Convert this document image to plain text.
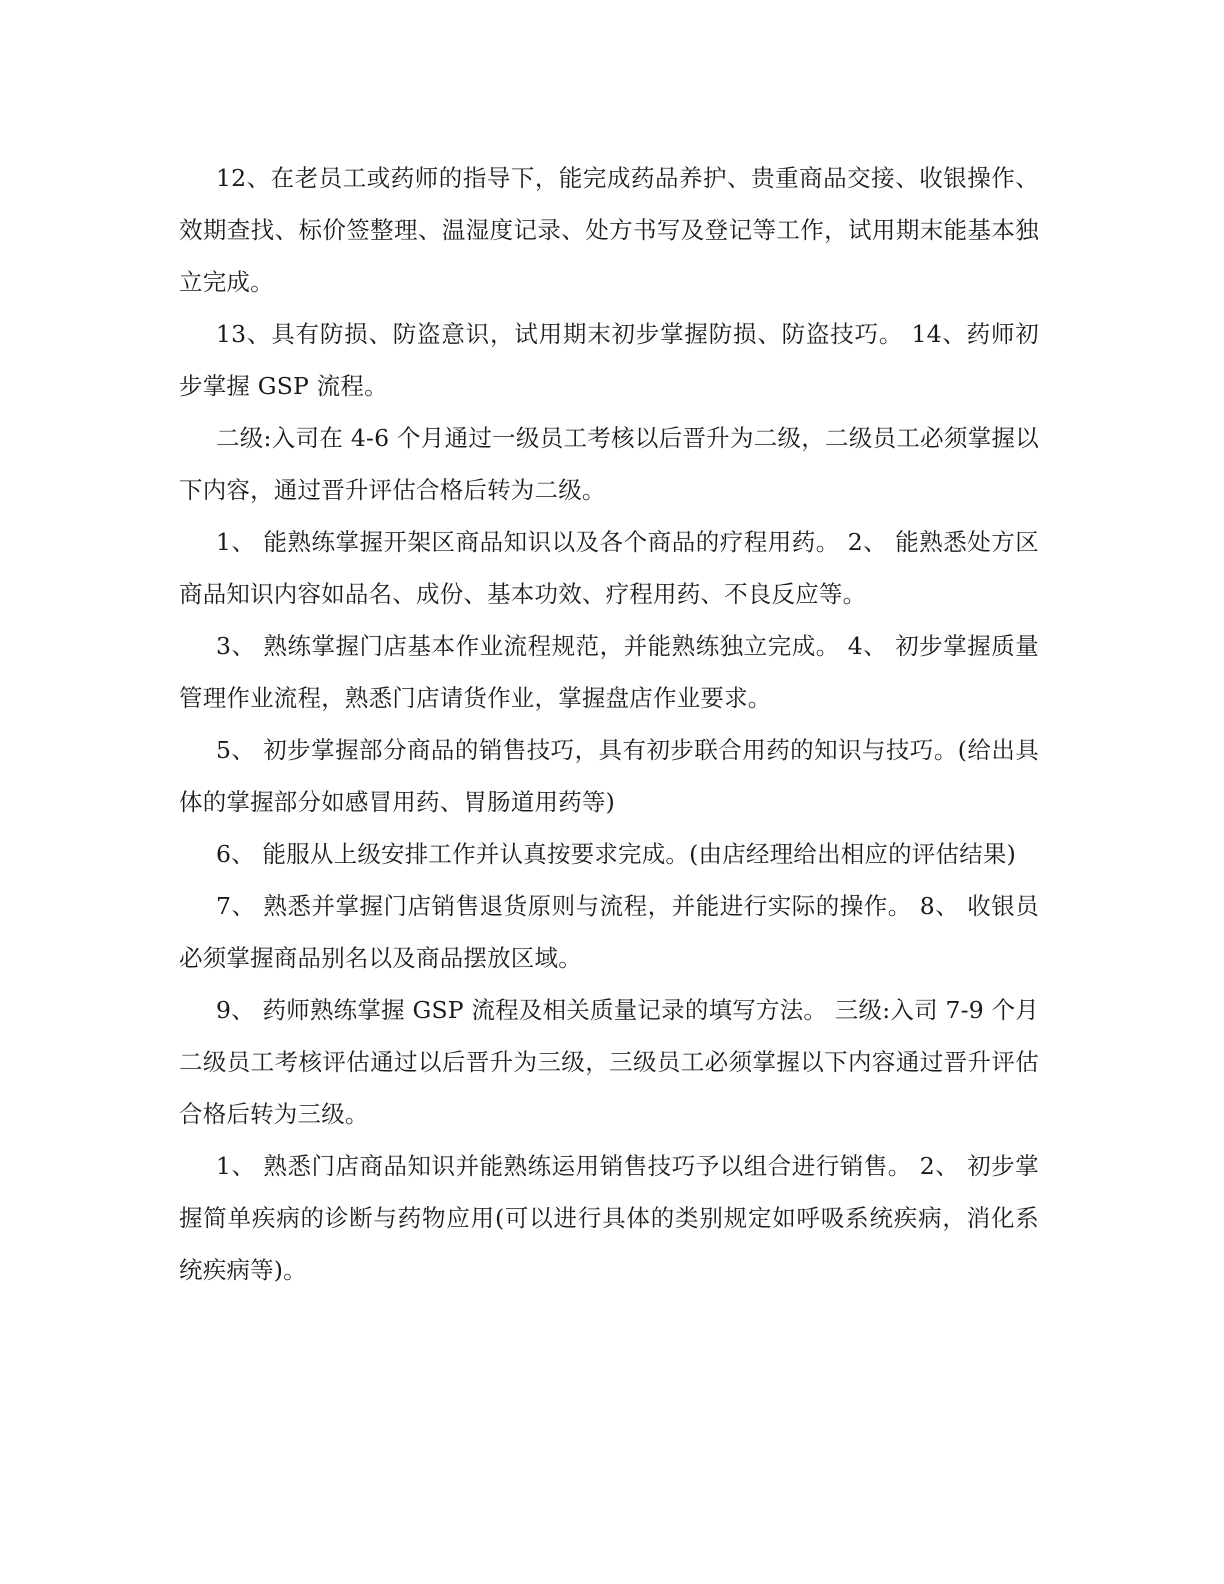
12、在老员工或药师的指导下，能完成药品养护、贵重商品交接、收银操作、效期查找、标价签整理、温湿度记录、处方书写及登记等工作，试用期末能基本独立完成。

13、具有防损、防盗意识，试用期末初步掌握防损、防盗技巧。 14、药师初步掌握 GSP 流程。

二级:入司在 4-6 个月通过一级员工考核以后晋升为二级，二级员工必须掌握以下内容，通过晋升评估合格后转为二级。

1、 能熟练掌握开架区商品知识以及各个商品的疗程用药。 2、 能熟悉处方区商品知识内容如品名、成份、基本功效、疗程用药、不良反应等。

3、 熟练掌握门店基本作业流程规范，并能熟练独立完成。 4、 初步掌握质量管理作业流程，熟悉门店请货作业，掌握盘店作业要求。

5、 初步掌握部分商品的销售技巧，具有初步联合用药的知识与技巧。(给出具体的掌握部分如感冒用药、胃肠道用药等)

6、 能服从上级安排工作并认真按要求完成。(由店经理给出相应的评估结果)

7、 熟悉并掌握门店销售退货原则与流程，并能进行实际的操作。 8、 收银员必须掌握商品别名以及商品摆放区域。

9、 药师熟练掌握 GSP 流程及相关质量记录的填写方法。 三级:入司 7-9 个月二级员工考核评估通过以后晋升为三级，三级员工必须掌握以下内容通过晋升评估合格后转为三级。

1、 熟悉门店商品知识并能熟练运用销售技巧予以组合进行销售。 2、 初步掌握简单疾病的诊断与药物应用(可以进行具体的类别规定如呼吸系统疾病，消化系统疾病等)。
